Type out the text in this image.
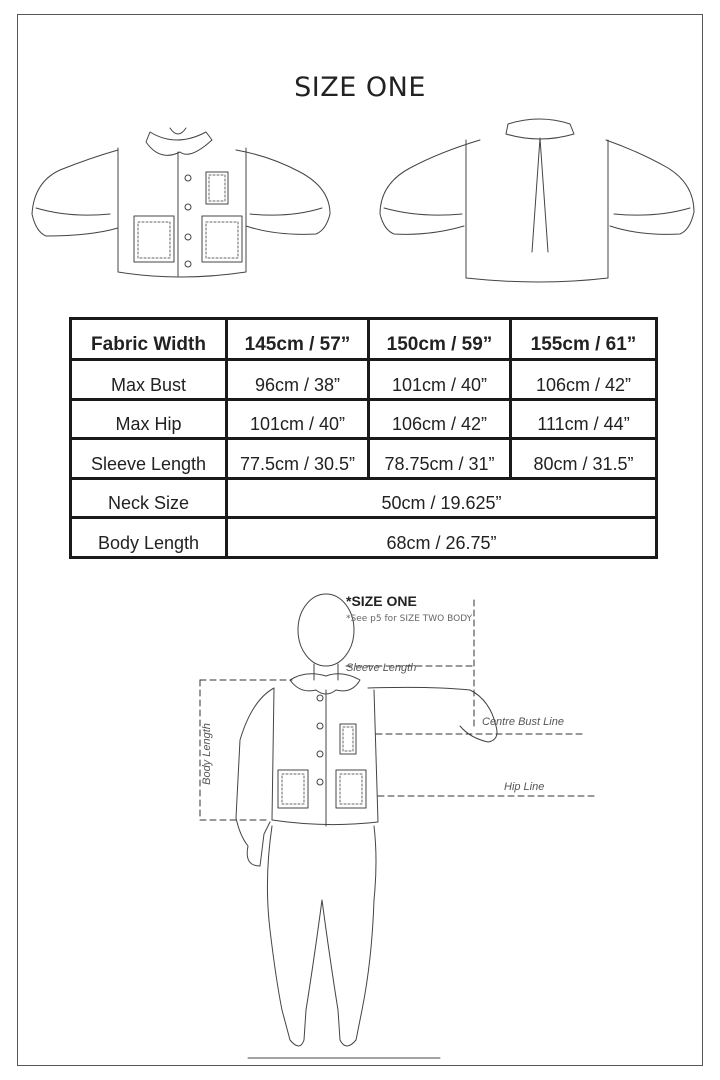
SIZE ONE
Fabric Width	145cm / 57”	150cm / 59”	155cm / 61”
Max Bust	96cm / 38”	101cm / 40”	106cm / 42”
Max Hip	101cm / 40”	106cm / 42”	111cm / 44”
Sleeve Length	77.5cm / 30.5”	78.75cm / 31”	80cm / 31.5”
Neck Size	50cm / 19.625”		
Body Length	68cm / 26.75”		
*SIZE ONE
*See p5 for SIZE TWO BODY
Sleeve Length
Centre Bust Line
Hip Line
Body Length
